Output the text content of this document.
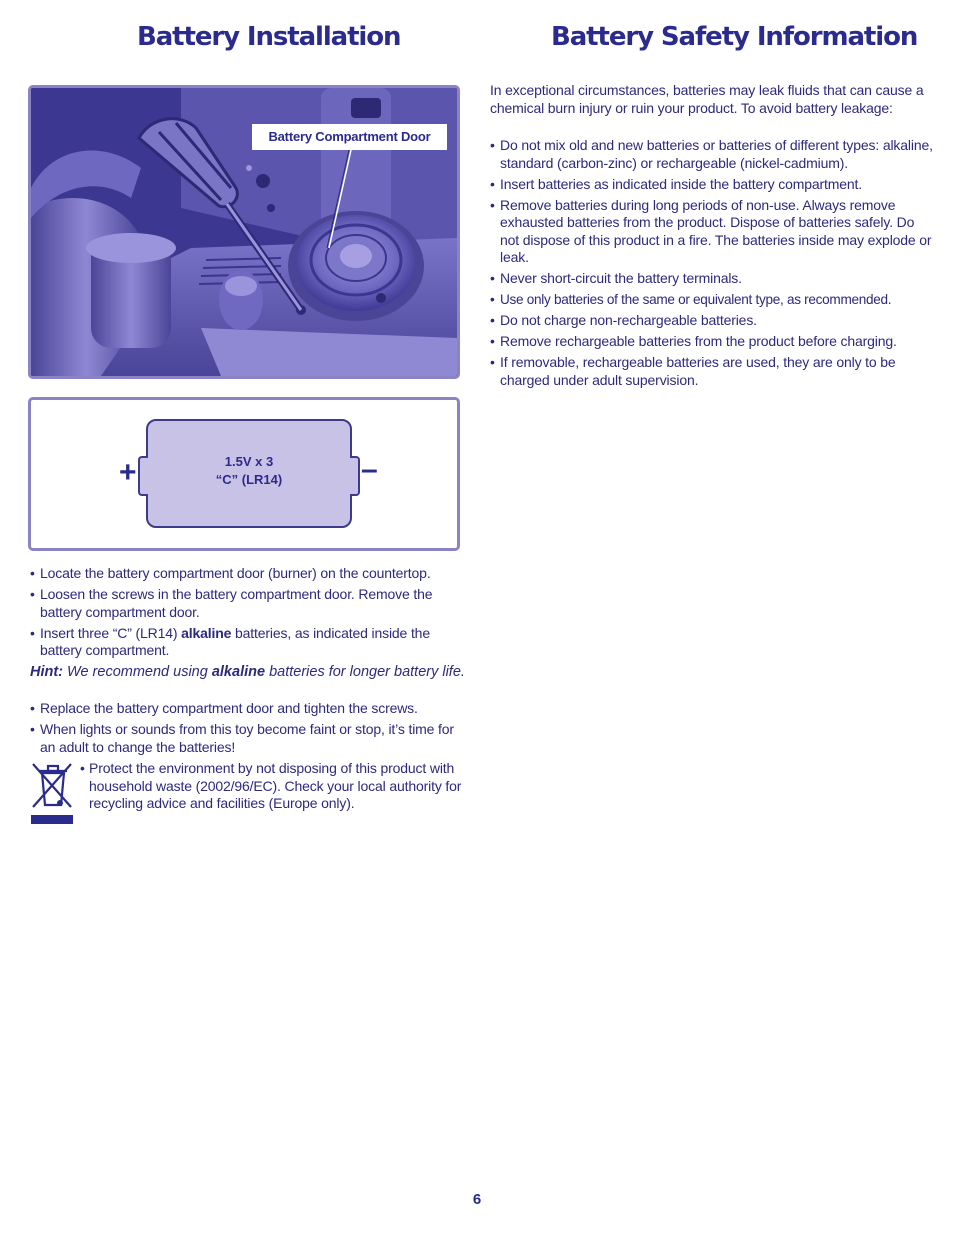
Battery Installation	Battery Safety Information
Battery Compartment Door
+	1.5V x 3
“C” (LR14)	–
• Locate the battery compartment door (burner) on the countertop.
• Loosen the screws in the battery compartment door. Remove the battery compartment door.
• Insert three “C” (LR14) alkaline batteries, as indicated inside the battery compartment.

Hint: We recommend using alkaline batteries for longer battery life.

• Replace the battery compartment door and tighten the screws.
• When lights or sounds from this toy become faint or stop, it’s time for an adult to change the batteries!

• Protect the environment by not disposing of this product with household waste (2002/96/EC). Check your local authority for recycling advice and facilities (Europe only).

In exceptional circumstances, batteries may leak fluids that can cause a chemical burn injury or ruin your product. To avoid battery leakage:

• Do not mix old and new batteries or batteries of different types: alkaline, standard (carbon-zinc) or rechargeable (nickel-cadmium).
• Insert batteries as indicated inside the battery compartment.
• Remove batteries during long periods of non-use. Always remove exhausted batteries from the product. Dispose of batteries safely. Do not dispose of this product in a fire. The batteries inside may explode or leak.
• Never short-circuit the battery terminals.
• Use only batteries of the same or equivalent type, as recommended.
• Do not charge non-rechargeable batteries.
• Remove rechargeable batteries from the product before charging.
• If removable, rechargeable batteries are used, they are only to be charged under adult supervision.
6
